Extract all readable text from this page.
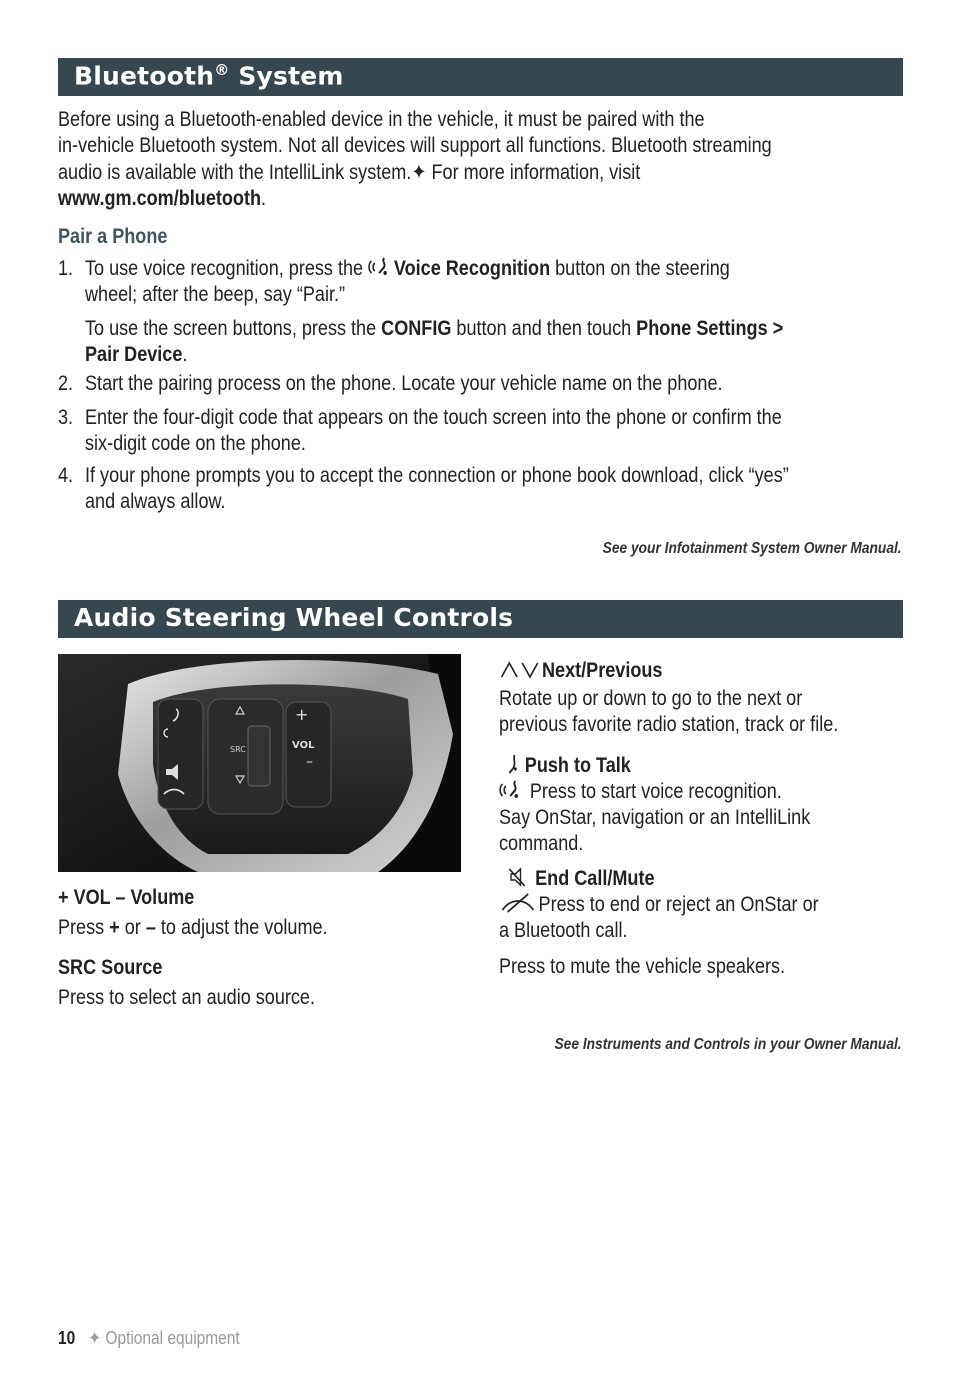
Bluetooth® System
Before using a Bluetooth-enabled device in the vehicle, it must be paired with the
in-vehicle Bluetooth system. Not all devices will support all functions. Bluetooth streaming
audio is available with the IntelliLink system.✦ For more information, visit
www.gm.com/bluetooth.
Pair a Phone
1. To use voice recognition, press the Voice Recognition button on the steering
wheel; after the beep, say “Pair.”
To use the screen buttons, press the CONFIG button and then touch Phone Settings >
Pair Device.
2. Start the pairing process on the phone. Locate your vehicle name on the phone.
3. Enter the four-digit code that appears on the touch screen into the phone or confirm the
six-digit code on the phone.
4. If your phone prompts you to accept the connection or phone book download, click “yes”
and always allow.
See your Infotainment System Owner Manual.
Audio Steering Wheel Controls
+
VOL
–
SRC
+ VOL – Volume
Press + or – to adjust the volume.
SRC Source
Press to select an audio source.
Next/Previous
Rotate up or down to go to the next or
previous favorite radio station, track or file.
Push to Talk
Press to start voice recognition.
Say OnStar, navigation or an IntelliLink
command.
End Call/Mute
Press to end or reject an OnStar or
a Bluetooth call.
Press to mute the vehicle speakers.
See Instruments and Controls in your Owner Manual.
10 ✦ Optional equipment
